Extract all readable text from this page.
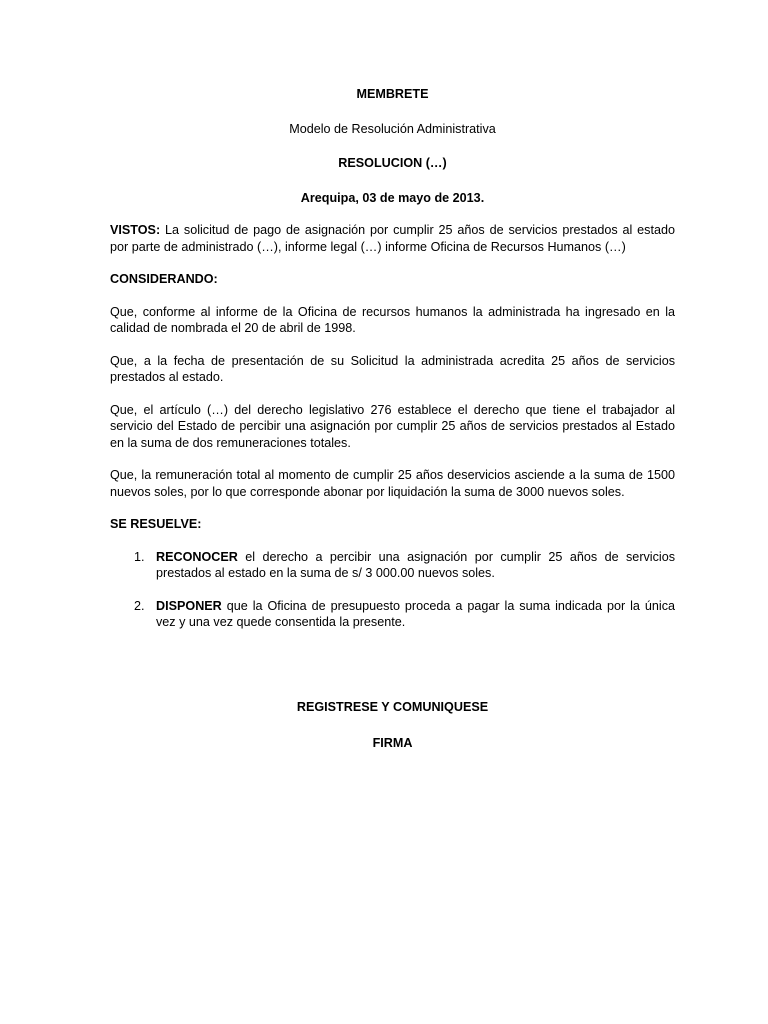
MEMBRETE
Modelo de Resolución Administrativa
RESOLUCION (…)
Arequipa, 03 de mayo de 2013.

VISTOS: La solicitud de pago de asignación por cumplir 25 años de servicios prestados al estado por parte de administrado (…), informe legal (…) informe Oficina de Recursos Humanos (…)

CONSIDERANDO:

Que, conforme al informe de la Oficina de recursos humanos la administrada ha ingresado en la calidad de nombrada el 20 de abril de 1998.

Que, a la fecha de presentación de su Solicitud la administrada acredita 25 años de servicios prestados al estado.

Que, el artículo (…) del derecho legislativo 276 establece el derecho que tiene el trabajador al servicio del Estado de percibir una asignación por cumplir 25 años de servicios prestados al Estado en la suma de dos remuneraciones totales.

Que, la remuneración total al momento de cumplir 25 años deservicios asciende a la suma de 1500 nuevos soles, por lo que corresponde abonar por liquidación la suma de 3000 nuevos soles.

SE RESUELVE:

1. RECONOCER el derecho a percibir una asignación por cumplir 25 años de servicios prestados al estado en la suma de s/ 3 000.00 nuevos soles.
2. DISPONER que la Oficina de presupuesto proceda a pagar la suma indicada por la única vez y una vez quede consentida la presente.
REGISTRESE Y COMUNIQUESE
FIRMA
